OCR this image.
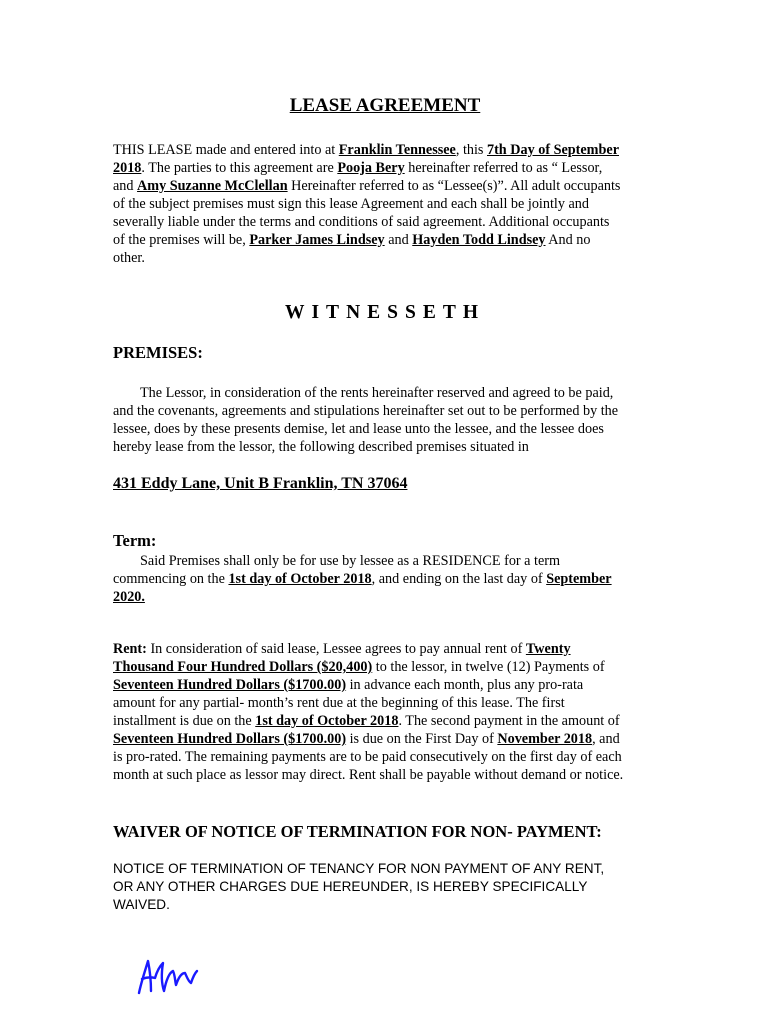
LEASE AGREEMENT

THIS LEASE made and entered into at Franklin Tennessee, this 7th Day of September
2018. The parties to this agreement are Pooja Bery hereinafter referred to as “ Lessor,
and Amy Suzanne McClellan Hereinafter referred to as “Lessee(s)”. All adult occupants
of the subject premises must sign this lease Agreement and each shall be jointly and
severally liable under the terms and conditions of said agreement. Additional occupants
of the premises will be, Parker James Lindsey and Hayden Todd Lindsey And no
other.

WITNESSETH

PREMISES:

The Lessor, in consideration of the rents hereinafter reserved and agreed to be paid,
and the covenants, agreements and stipulations hereinafter set out to be performed by the
lessee, does by these presents demise, let and lease unto the lessee, and the lessee does
hereby lease from the lessor, the following described premises situated in

431 Eddy Lane, Unit B Franklin, TN 37064

Term:

Said Premises shall only be for use by lessee as a RESIDENCE for a term
commencing on the 1st day of October 2018, and ending on the last day of September
2020.

Rent: In consideration of said lease, Lessee agrees to pay annual rent of Twenty
Thousand Four Hundred Dollars ($20,400) to the lessor, in twelve (12) Payments of
Seventeen Hundred Dollars ($1700.00) in advance each month, plus any pro-rata
amount for any partial- month’s rent due at the beginning of this lease. The first
installment is due on the 1st day of October 2018. The second payment in the amount of
Seventeen Hundred Dollars ($1700.00) is due on the First Day of November 2018, and
is pro-rated. The remaining payments are to be paid consecutively on the first day of each
month at such place as lessor may direct. Rent shall be payable without demand or notice.

WAIVER OF NOTICE OF TERMINATION FOR NON- PAYMENT:

NOTICE OF TERMINATION OF TENANCY FOR NON PAYMENT OF ANY RENT,
OR ANY OTHER CHARGES DUE HEREUNDER, IS HEREBY SPECIFICALLY
WAIVED.
